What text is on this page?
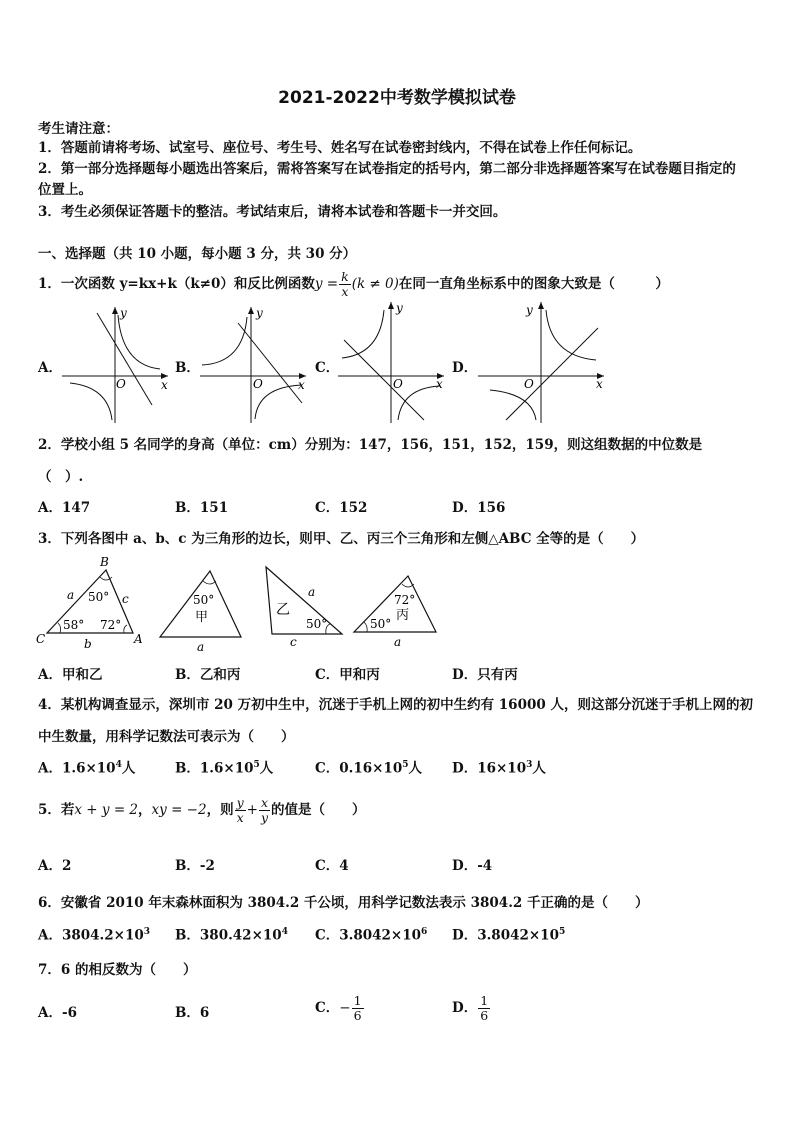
2021-2022中考数学模拟试卷
考生请注意：
1．答题前请将考场、试室号、座位号、考生号、姓名写在试卷密封线内，不得在试卷上作任何标记。
2．第一部分选择题每小题选出答案后，需将答案写在试卷指定的括号内，第二部分非选择题答案写在试卷题目指定的
位置上。
3．考生必须保证答题卡的整洁。考试结束后，请将本试卷和答题卡一并交回。
一、选择题（共 10 小题，每小题 3 分，共 30 分）
1．一次函数 y=kx+k（k≠0）和反比例函数$y = \frac{k}{x} (k \ne 0)$在同一直角坐标系中的图象大致是（　　　）
A．	B．	C．	D．
y
x
O
y
x
O
y
x
O
y
x
O
2．学校小组 5 名同学的身高（单位：cm）分别为：147，156，151，152，159，则这组数据的中位数是
（　）.
A．147	B．151	C．152	D．156
3．下列各图中 a、b、c 为三角形的边长，则甲、乙、丙三个三角形和左侧△ABC 全等的是（　　）
B
A
C
a	c
b
50°
58° 72°
50°
甲
a
乙
a
50°
c
72°
丙
50°
a
A．甲和乙	B．乙和丙	C．甲和丙	D．只有丙
4．某机构调查显示，深圳市 20 万初中生中，沉迷于手机上网的初中生约有 16000 人，则这部分沉迷于手机上网的初
中生数量，用科学记数法可表示为（　　）
A．$1.6\times 10^4$人	B．$1.6\times 10^5$人	C．$0.16\times 10^5$人 D．$16\times 10^3$人
5．若x + y = 2，xy = −2，则 $\frac{y}{x} + \frac{x}{y}$ 的值是（　　）
A．2	B．-2	C．4	D．-4
6．安徽省 2010 年末森林面积为 3804.2 千公顷，用科学记数法表示 3804.2 千正确的是（　　）
A．$3804.2\times 10^3$ B．$380.42\times 10^4$ C．$3.8042\times 10^6$ D．$3.8042\times 10^5$
7．6 的相反数为（　　）
A．-6	B．6	C．− $\frac{1}{6}$	D． $\frac{1}{6}$
